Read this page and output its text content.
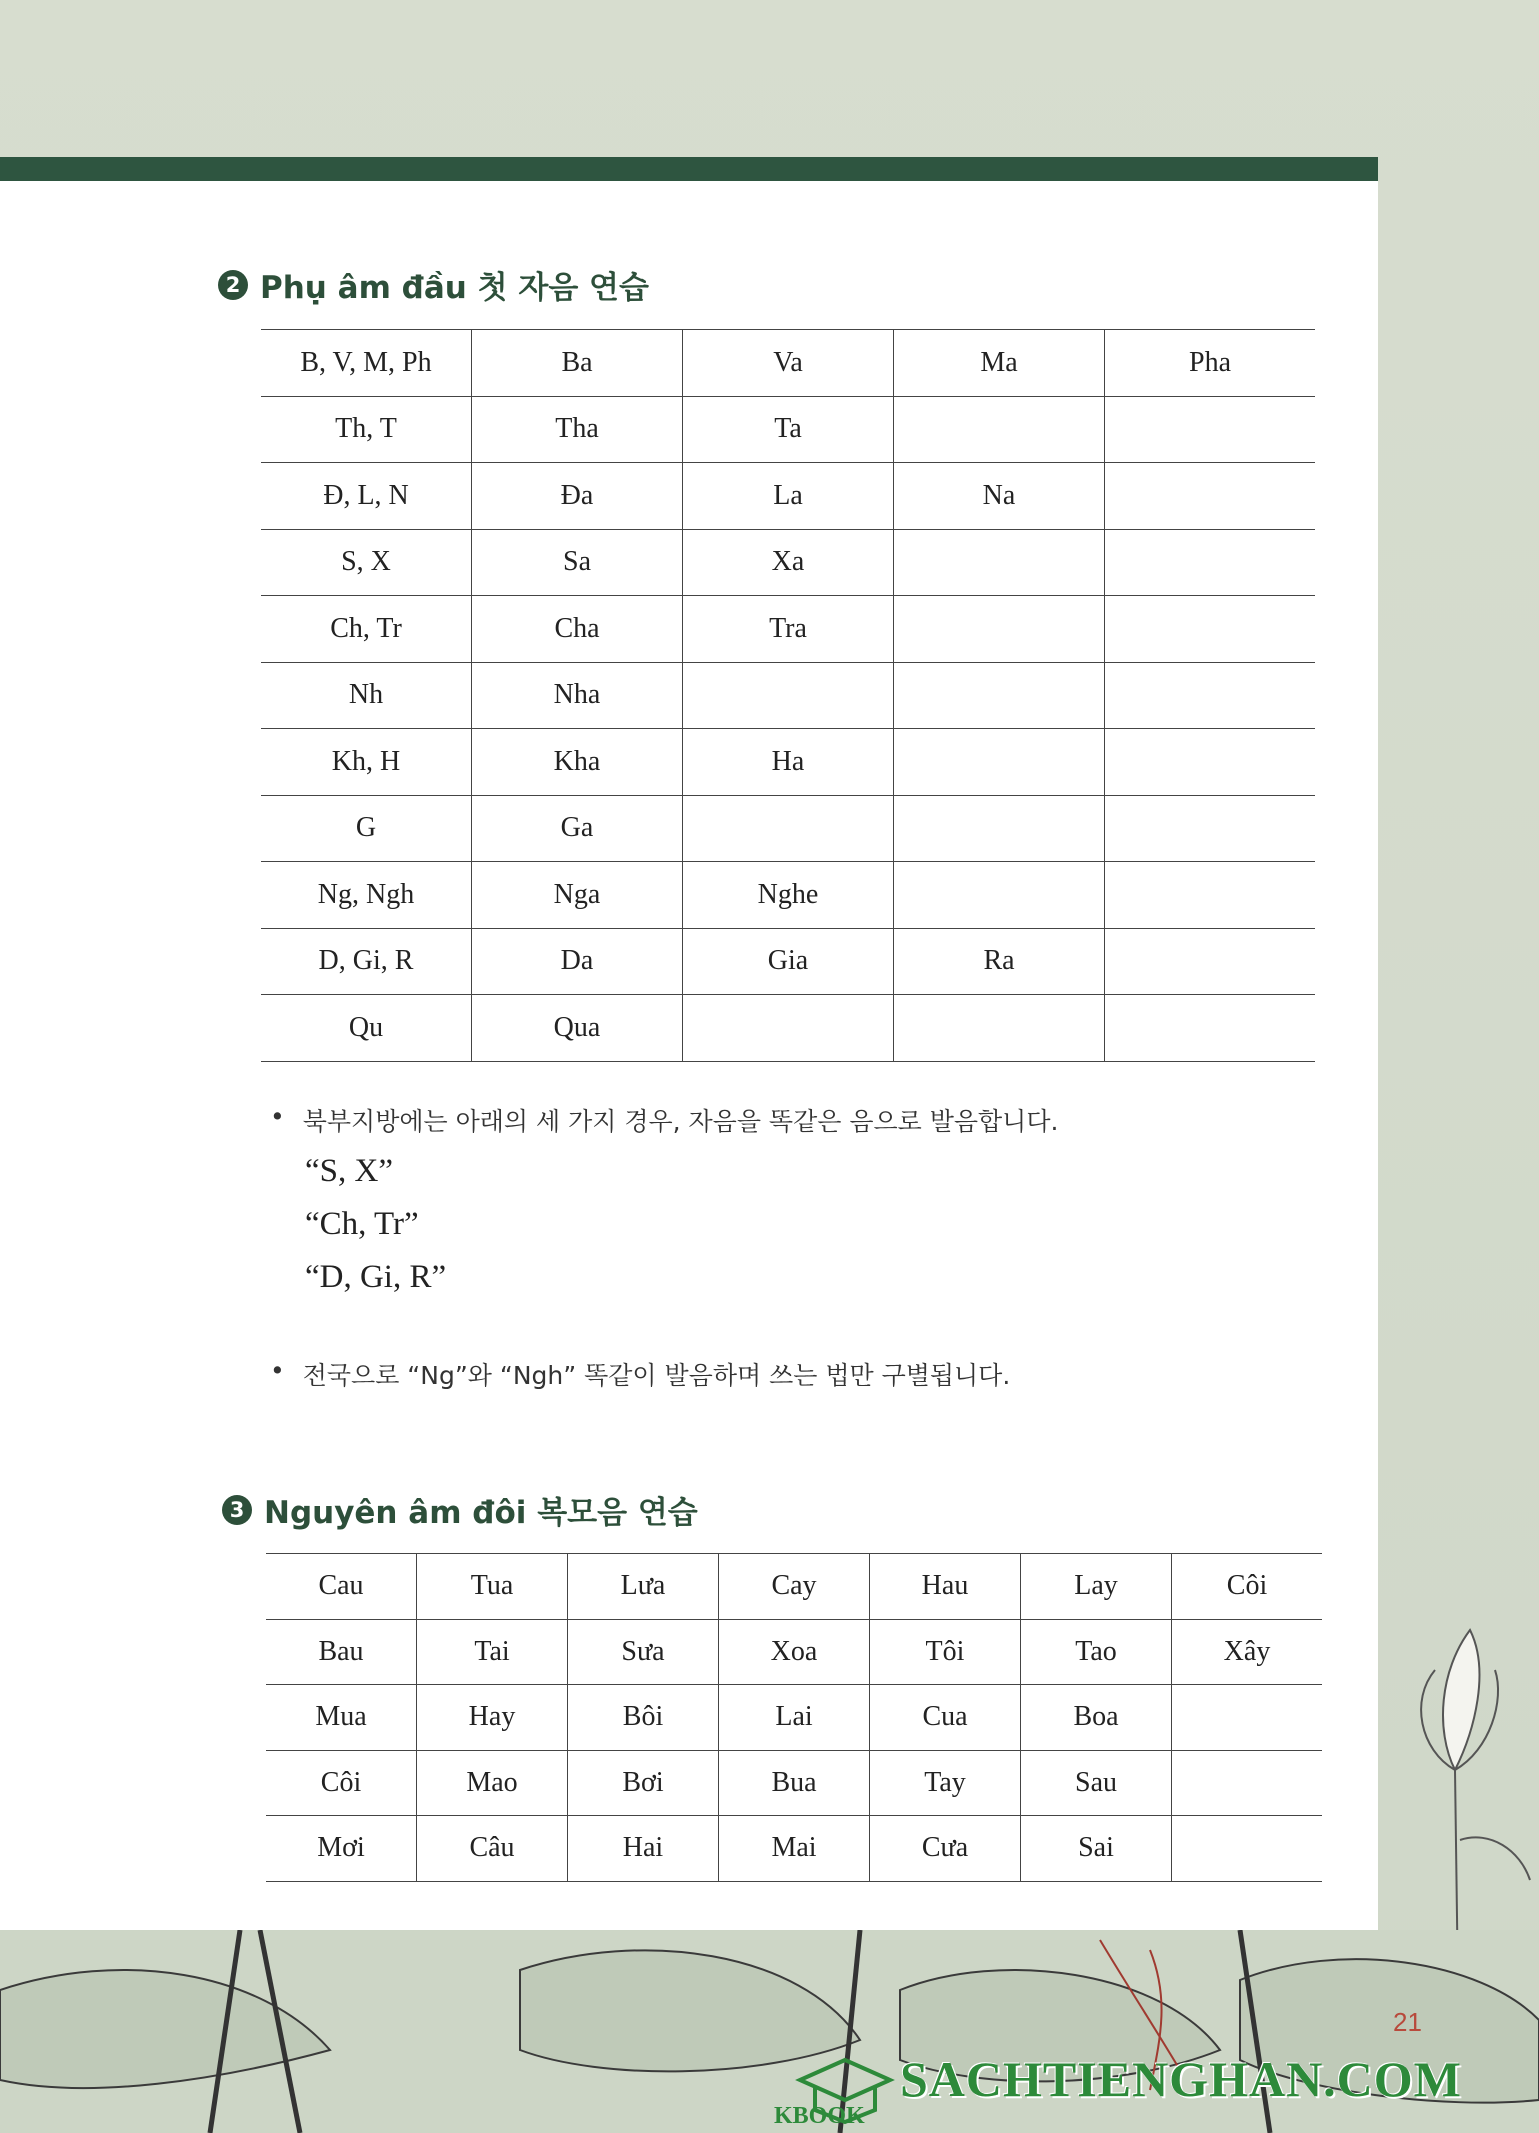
2 Phụ âm đầu 첫 자음 연습
B, V, M, Ph	Ba	Va	Ma	Pha
Th, T	Tha	Ta		
Đ, L, N	Đa	La	Na	
S, X	Sa	Xa		
Ch, Tr	Cha	Tra		
Nh	Nha			
Kh, H	Kha	Ha		
G	Ga			
Ng, Ngh	Nga	Nghe		
D, Gi, R	Da	Gia	Ra	
Qu	Qua			
• 북부지방에는 아래의 세 가지 경우, 자음을 똑같은 음으로 발음합니다.
“S, X”
“Ch, Tr”
“D, Gi, R”
• 전국으로 “Ng”와 “Ngh” 똑같이 발음하며 쓰는 법만 구별됩니다.
3 Nguyên âm đôi 복모음 연습
Cau	Tua	Lưa	Cay	Hau	Lay	Côi
Bau	Tai	Sưa	Xoa	Tôi	Tao	Xây
Mua	Hay	Bôi	Lai	Cua	Boa	
Côi	Mao	Bơi	Bua	Tay	Sau	
Mơi	Câu	Hai	Mai	Cưa	Sai	
21
KBOOK
SACHTIENGHAN.COM
